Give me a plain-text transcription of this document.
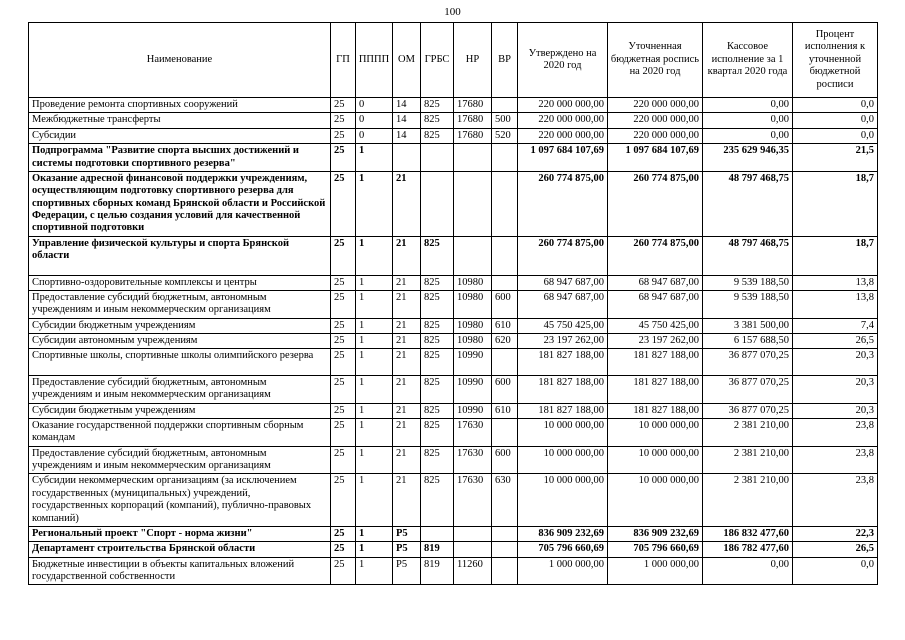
100
Наименование	ГП	ПППП	ОМ	ГРБС	НР	ВР	Утверждено на 2020 год	Уточненная бюджетная роспись на 2020 год	Кассовое исполнение за 1 квартал 2020 года	Процент исполнения к уточненной бюджетной росписи
Проведение ремонта спортивных сооружений	25	0	14	825	17680		220 000 000,00	220 000 000,00	0,00	0,0
Межбюджетные трансферты	25	0	14	825	17680	500	220 000 000,00	220 000 000,00	0,00	0,0
Субсидии	25	0	14	825	17680	520	220 000 000,00	220 000 000,00	0,00	0,0
Подпрограмма "Развитие спорта высших достижений и системы подготовки спортивного резерва"	25	1					1 097 684 107,69	1 097 684 107,69	235 629 946,35	21,5
Оказание адресной финансовой поддержки учреждениям, осуществляющим подготовку спортивного резерва для спортивных сборных команд Брянской области и Российской Федерации, с целью создания условий для качественной спортивной подготовки	25	1	21				260 774 875,00	260 774 875,00	48 797 468,75	18,7
Управление физической культуры и спорта Брянской области	25	1	21	825			260 774 875,00	260 774 875,00	48 797 468,75	18,7
Спортивно-оздоровительные комплексы и центры	25	1	21	825	10980		68 947 687,00	68 947 687,00	9 539 188,50	13,8
Предоставление субсидий бюджетным, автономным учреждениям и иным некоммерческим организациям	25	1	21	825	10980	600	68 947 687,00	68 947 687,00	9 539 188,50	13,8
Субсидии бюджетным учреждениям	25	1	21	825	10980	610	45 750 425,00	45 750 425,00	3 381 500,00	7,4
Субсидии автономным учреждениям	25	1	21	825	10980	620	23 197 262,00	23 197 262,00	6 157 688,50	26,5
Спортивные школы, спортивные школы олимпийского резерва	25	1	21	825	10990		181 827 188,00	181 827 188,00	36 877 070,25	20,3
Предоставление субсидий бюджетным, автономным учреждениям и иным некоммерческим организациям	25	1	21	825	10990	600	181 827 188,00	181 827 188,00	36 877 070,25	20,3
Субсидии бюджетным учреждениям	25	1	21	825	10990	610	181 827 188,00	181 827 188,00	36 877 070,25	20,3
Оказание государственной поддержки спортивным сборным командам	25	1	21	825	17630		10 000 000,00	10 000 000,00	2 381 210,00	23,8
Предоставление субсидий бюджетным, автономным учреждениям и иным некоммерческим организациям	25	1	21	825	17630	600	10 000 000,00	10 000 000,00	2 381 210,00	23,8
Субсидии некоммерческим организациям (за исключением государственных (муниципальных) учреждений, государственных корпораций (компаний), публично-правовых компаний)	25	1	21	825	17630	630	10 000 000,00	10 000 000,00	2 381 210,00	23,8
Региональный проект "Спорт - норма жизни"	25	1	Р5				836 909 232,69	836 909 232,69	186 832 477,60	22,3
Департамент строительства Брянской области	25	1	Р5	819			705 796 660,69	705 796 660,69	186 782 477,60	26,5
Бюджетные инвестиции в объекты капитальных вложений государственной собственности	25	1	Р5	819	11260		1 000 000,00	1 000 000,00	0,00	0,0
